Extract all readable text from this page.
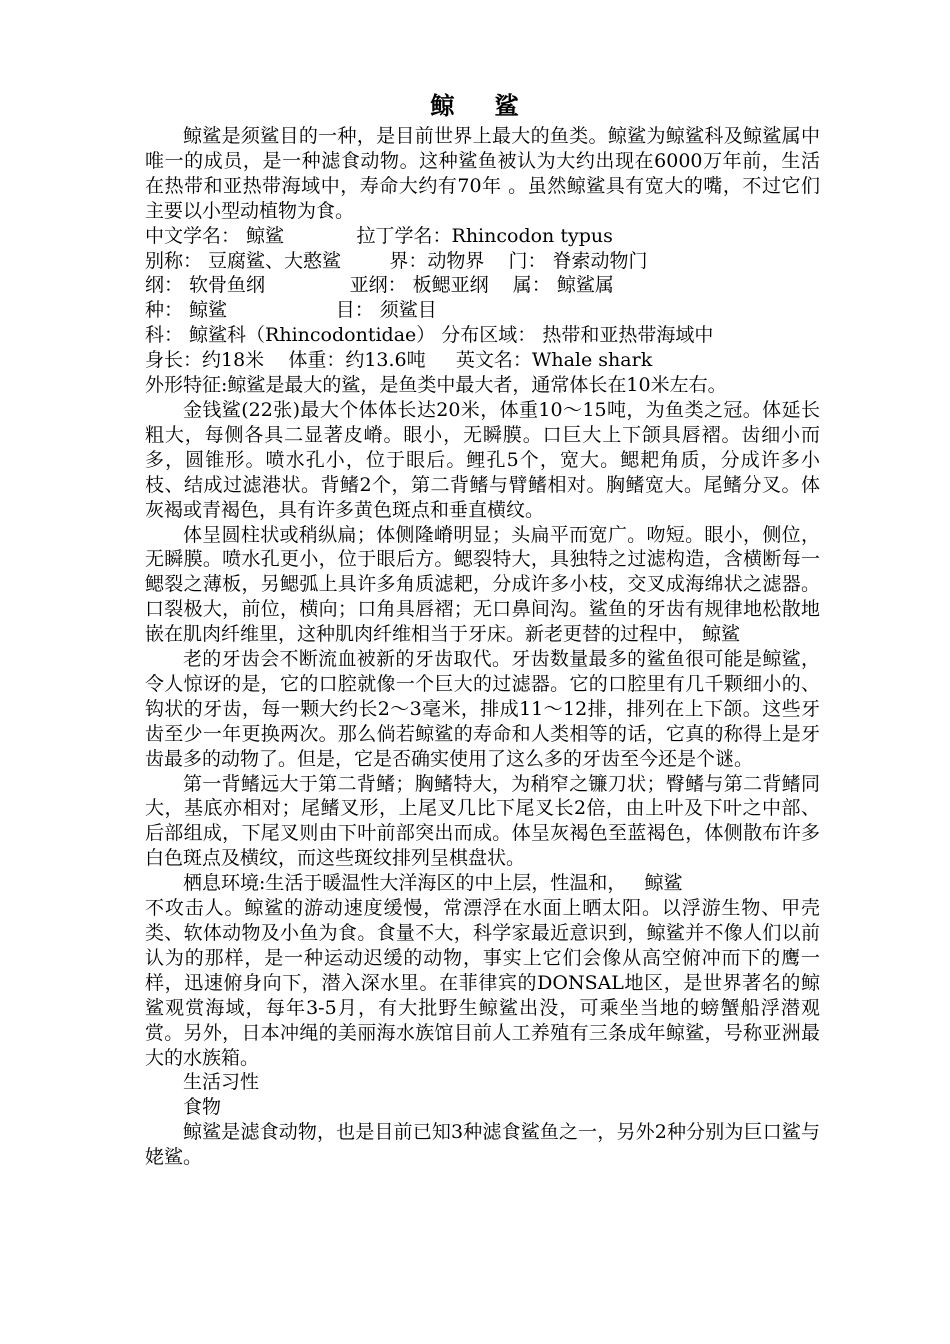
鲸 鲨

鲸鲨是须鲨目的一种，是目前世界上最大的鱼类。鲸鲨为鲸鲨科及鲸鲨属中唯一的成员，是一种滤食动物。这种鲨鱼被认为大约出现在6000万年前，生活在热带和亚热带海域中，寿命大约有70年 。虽然鲸鲨具有宽大的嘴，不过它们主要以小型动植物为食。

中文学名： 鲸鲨            拉丁学名：Rhincodon typus

别称： 豆腐鲨、大憨鲨        界：动物界    门： 脊索动物门

纲： 软骨鱼纲              亚纲： 板鳃亚纲    属： 鲸鲨属

种： 鲸鲨                  目： 须鲨目

科： 鲸鲨科（Rhincodontidae） 分布区域： 热带和亚热带海域中

身长：约18米    体重：约13.6吨     英文名：Whale shark

外形特征:鲸鲨是最大的鲨，是鱼类中最大者，通常体长在10米左右。

金钱鲨(22张)最大个体体长达20米，体重10～15吨，为鱼类之冠。体延长粗大，每侧各具二显著皮嵴。眼小，无瞬膜。口巨大上下颌具唇褶。齿细小而多，圆锥形。喷水孔小，位于眼后。鲤孔5个，宽大。鳃耙角质，分成许多小枝、结成过滤港状。背鳍2个，第二背鳍与臂鳍相对。胸鳍宽大。尾鳍分叉。体灰褐或青褐色，具有许多黄色斑点和垂直横纹。

体呈圆柱状或稍纵扁；体侧隆嵴明显；头扁平而宽广。吻短。眼小，侧位，无瞬膜。喷水孔更小，位于眼后方。鳃裂特大，具独特之过滤构造，含横断每一鳃裂之薄板，另鳃弧上具许多角质滤耙，分成许多小枝，交叉成海绵状之滤器。口裂极大，前位，横向；口角具唇褶；无口鼻间沟。鲨鱼的牙齿有规律地松散地嵌在肌肉纤维里，这种肌肉纤维相当于牙床。新老更替的过程中， 鲸鲨

老的牙齿会不断流血被新的牙齿取代。牙齿数量最多的鲨鱼很可能是鲸鲨，令人惊讶的是，它的口腔就像一个巨大的过滤器。它的口腔里有几千颗细小的、钩状的牙齿，每一颗大约长2～3毫米，排成11～12排，排列在上下颌。这些牙齿至少一年更换两次。那么倘若鲸鲨的寿命和人类相等的话，它真的称得上是牙齿最多的动物了。但是，它是否确实使用了这么多的牙齿至今还是个谜。

第一背鳍远大于第二背鳍；胸鳍特大，为稍窄之镰刀状；臀鳍与第二背鳍同大，基底亦相对；尾鳍叉形，上尾叉几比下尾叉长2倍，由上叶及下叶之中部、后部组成，下尾叉则由下叶前部突出而成。体呈灰褐色至蓝褐色，体侧散布许多白色斑点及横纹，而这些斑纹排列呈棋盘状。

栖息环境:生活于暖温性大洋海区的中上层，性温和，   鲸鲨

不攻击人。鲸鲨的游动速度缓慢，常漂浮在水面上晒太阳。以浮游生物、甲壳类、软体动物及小鱼为食。食量不大，科学家最近意识到，鲸鲨并不像人们以前认为的那样，是一种运动迟缓的动物，事实上它们会像从高空俯冲而下的鹰一样，迅速俯身向下，潜入深水里。在菲律宾的DONSAL地区，是世界著名的鲸鲨观赏海域，每年3-5月，有大批野生鲸鲨出没，可乘坐当地的螃蟹船浮潜观赏。另外，日本冲绳的美丽海水族馆目前人工养殖有三条成年鲸鲨，号称亚洲最大的水族箱。

生活习性

食物

鲸鲨是滤食动物，也是目前已知3种滤食鲨鱼之一，另外2种分别为巨口鲨与姥鲨。
